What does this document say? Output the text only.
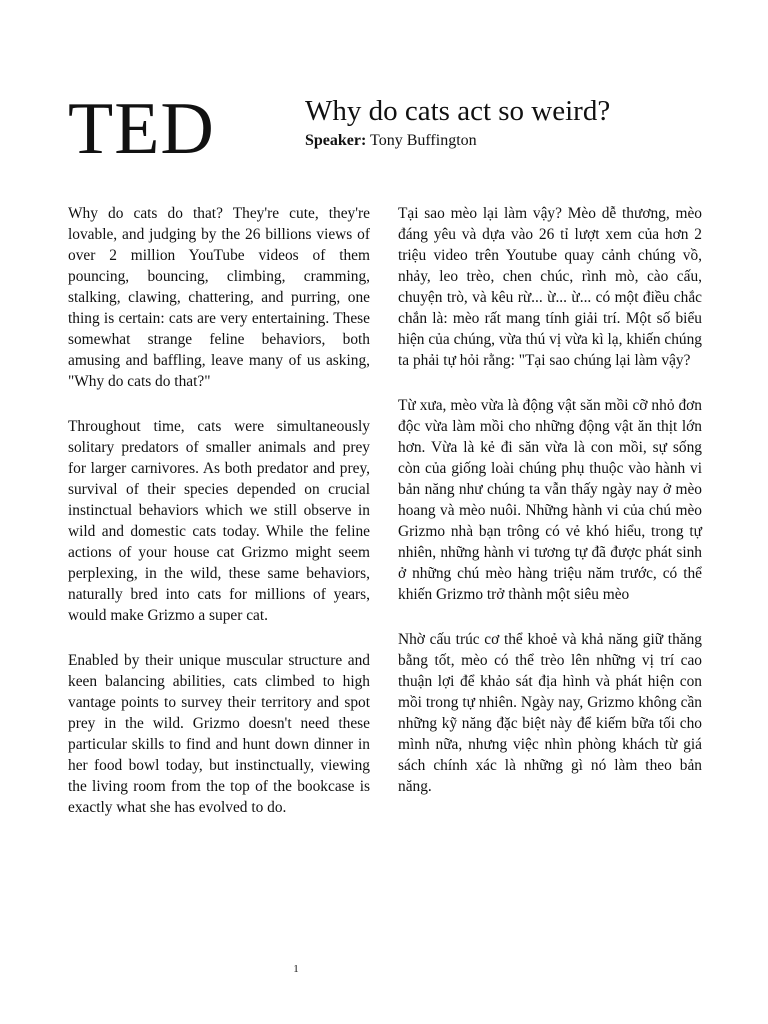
TED	Why do cats act so weird?
Speaker: Tony Buffington

Why do cats do that? They're cute, they're lovable, and judging by the 26 billions views of over 2 million YouTube videos of them pouncing, bouncing, climbing, cramming, stalking, clawing, chattering, and purring, one thing is certain: cats are very entertaining. These somewhat strange feline behaviors, both amusing and baffling, leave many of us asking, "Why do cats do that?"

Throughout time, cats were simultaneously solitary predators of smaller animals and prey for larger carnivores. As both predator and prey, survival of their species depended on crucial instinctual behaviors which we still observe in wild and domestic cats today. While the feline actions of your house cat Grizmo might seem perplexing, in the wild, these same behaviors, naturally bred into cats for millions of years, would make Grizmo a super cat.

Enabled by their unique muscular structure and keen balancing abilities, cats climbed to high vantage points to survey their territory and spot prey in the wild. Grizmo doesn't need these particular skills to find and hunt down dinner in her food bowl today, but instinctually, viewing the living room from the top of the bookcase is exactly what she has evolved to do.

Tại sao mèo lại làm vậy? Mèo dễ thương, mèo đáng yêu và dựa vào 26 tỉ lượt xem của hơn 2 triệu video trên Youtube quay cảnh chúng vồ, nhảy, leo trèo, chen chúc, rình mò, cào cấu, chuyện trò, và kêu rừ... ừ... ừ... có một điều chắc chắn là: mèo rất mang tính giải trí. Một số biểu hiện của chúng, vừa thú vị vừa kì lạ, khiến chúng ta phải tự hỏi rằng: "Tại sao chúng lại làm vậy?

Từ xưa, mèo vừa là động vật săn mồi cỡ nhỏ đơn độc vừa làm mồi cho những động vật ăn thịt lớn hơn. Vừa là kẻ đi săn vừa là con mồi, sự sống còn của giống loài chúng phụ thuộc vào hành vi bản năng như chúng ta vẫn thấy ngày nay ở mèo hoang và mèo nuôi. Những hành vi của chú mèo Grizmo nhà bạn trông có vẻ khó hiểu, trong tự nhiên, những hành vi tương tự đã được phát sinh ở những chú mèo hàng triệu năm trước, có thể khiến Grizmo trở thành một siêu mèo

Nhờ cấu trúc cơ thể khoẻ và khả năng giữ thăng bằng tốt, mèo có thể trèo lên những vị trí cao thuận lợi để khảo sát địa hình và phát hiện con mồi trong tự nhiên. Ngày nay, Grizmo không cần những kỹ năng đặc biệt này để kiếm bữa tối cho mình nữa, nhưng việc nhìn phòng khách từ giá sách chính xác là những gì nó làm theo bản năng.

1
